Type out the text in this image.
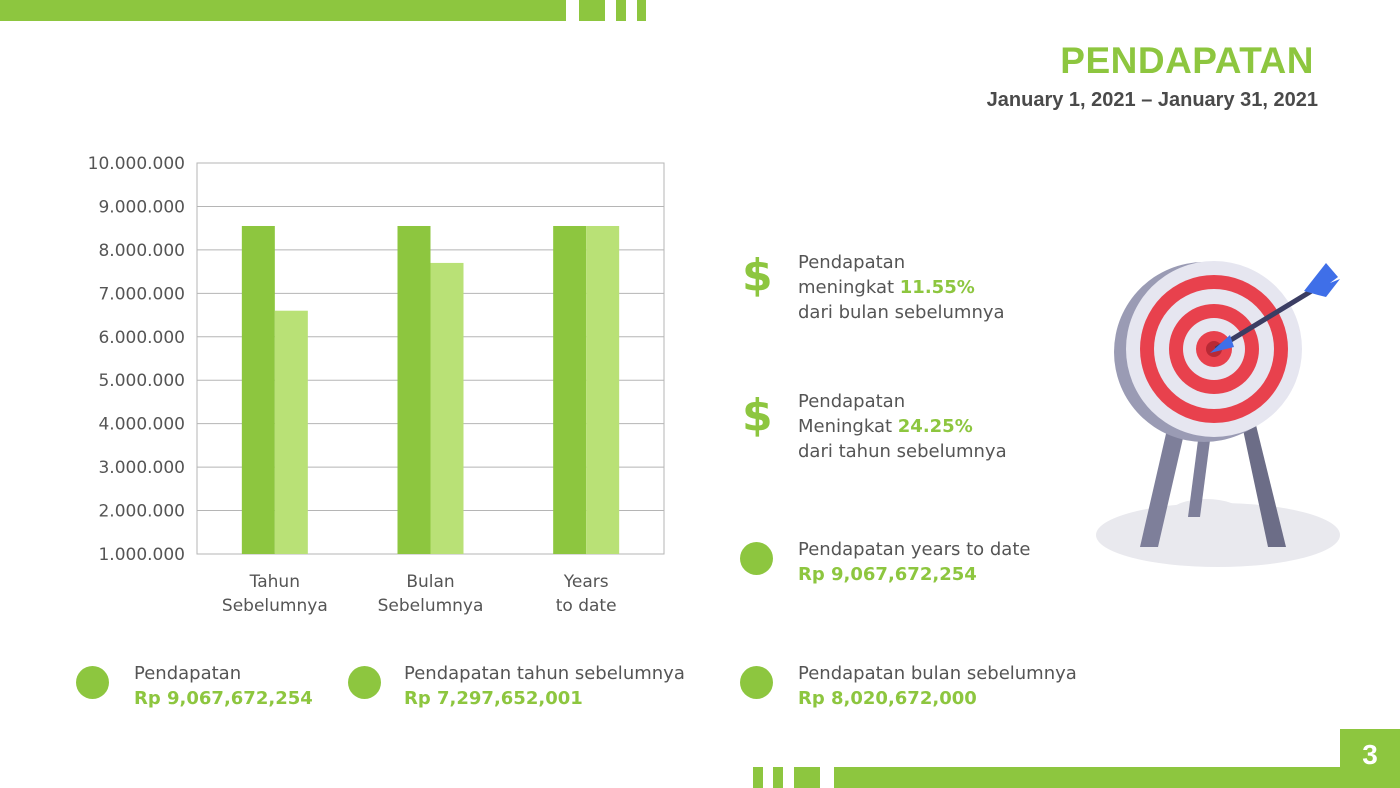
PENDAPATAN
January 1, 2021 – January 31, 2021
10.000.000
9.000.000
8.000.000
7.000.000
6.000.000
5.000.000
4.000.000
3.000.000
2.000.000
1.000.000
Tahun
Sebelumnya
Bulan
Sebelumnya
Years
to date
$ Pendapatan
meningkat 11.55%
dari bulan sebelumnya
$ Pendapatan
Meningkat 24.25%
dari tahun sebelumnya
Pendapatan years to date
Rp 9,067,672,254
Pendapatan
Rp 9,067,672,254
Pendapatan tahun sebelumnya
Rp 7,297,652,001
Pendapatan bulan sebelumnya
Rp 8,020,672,000
3
